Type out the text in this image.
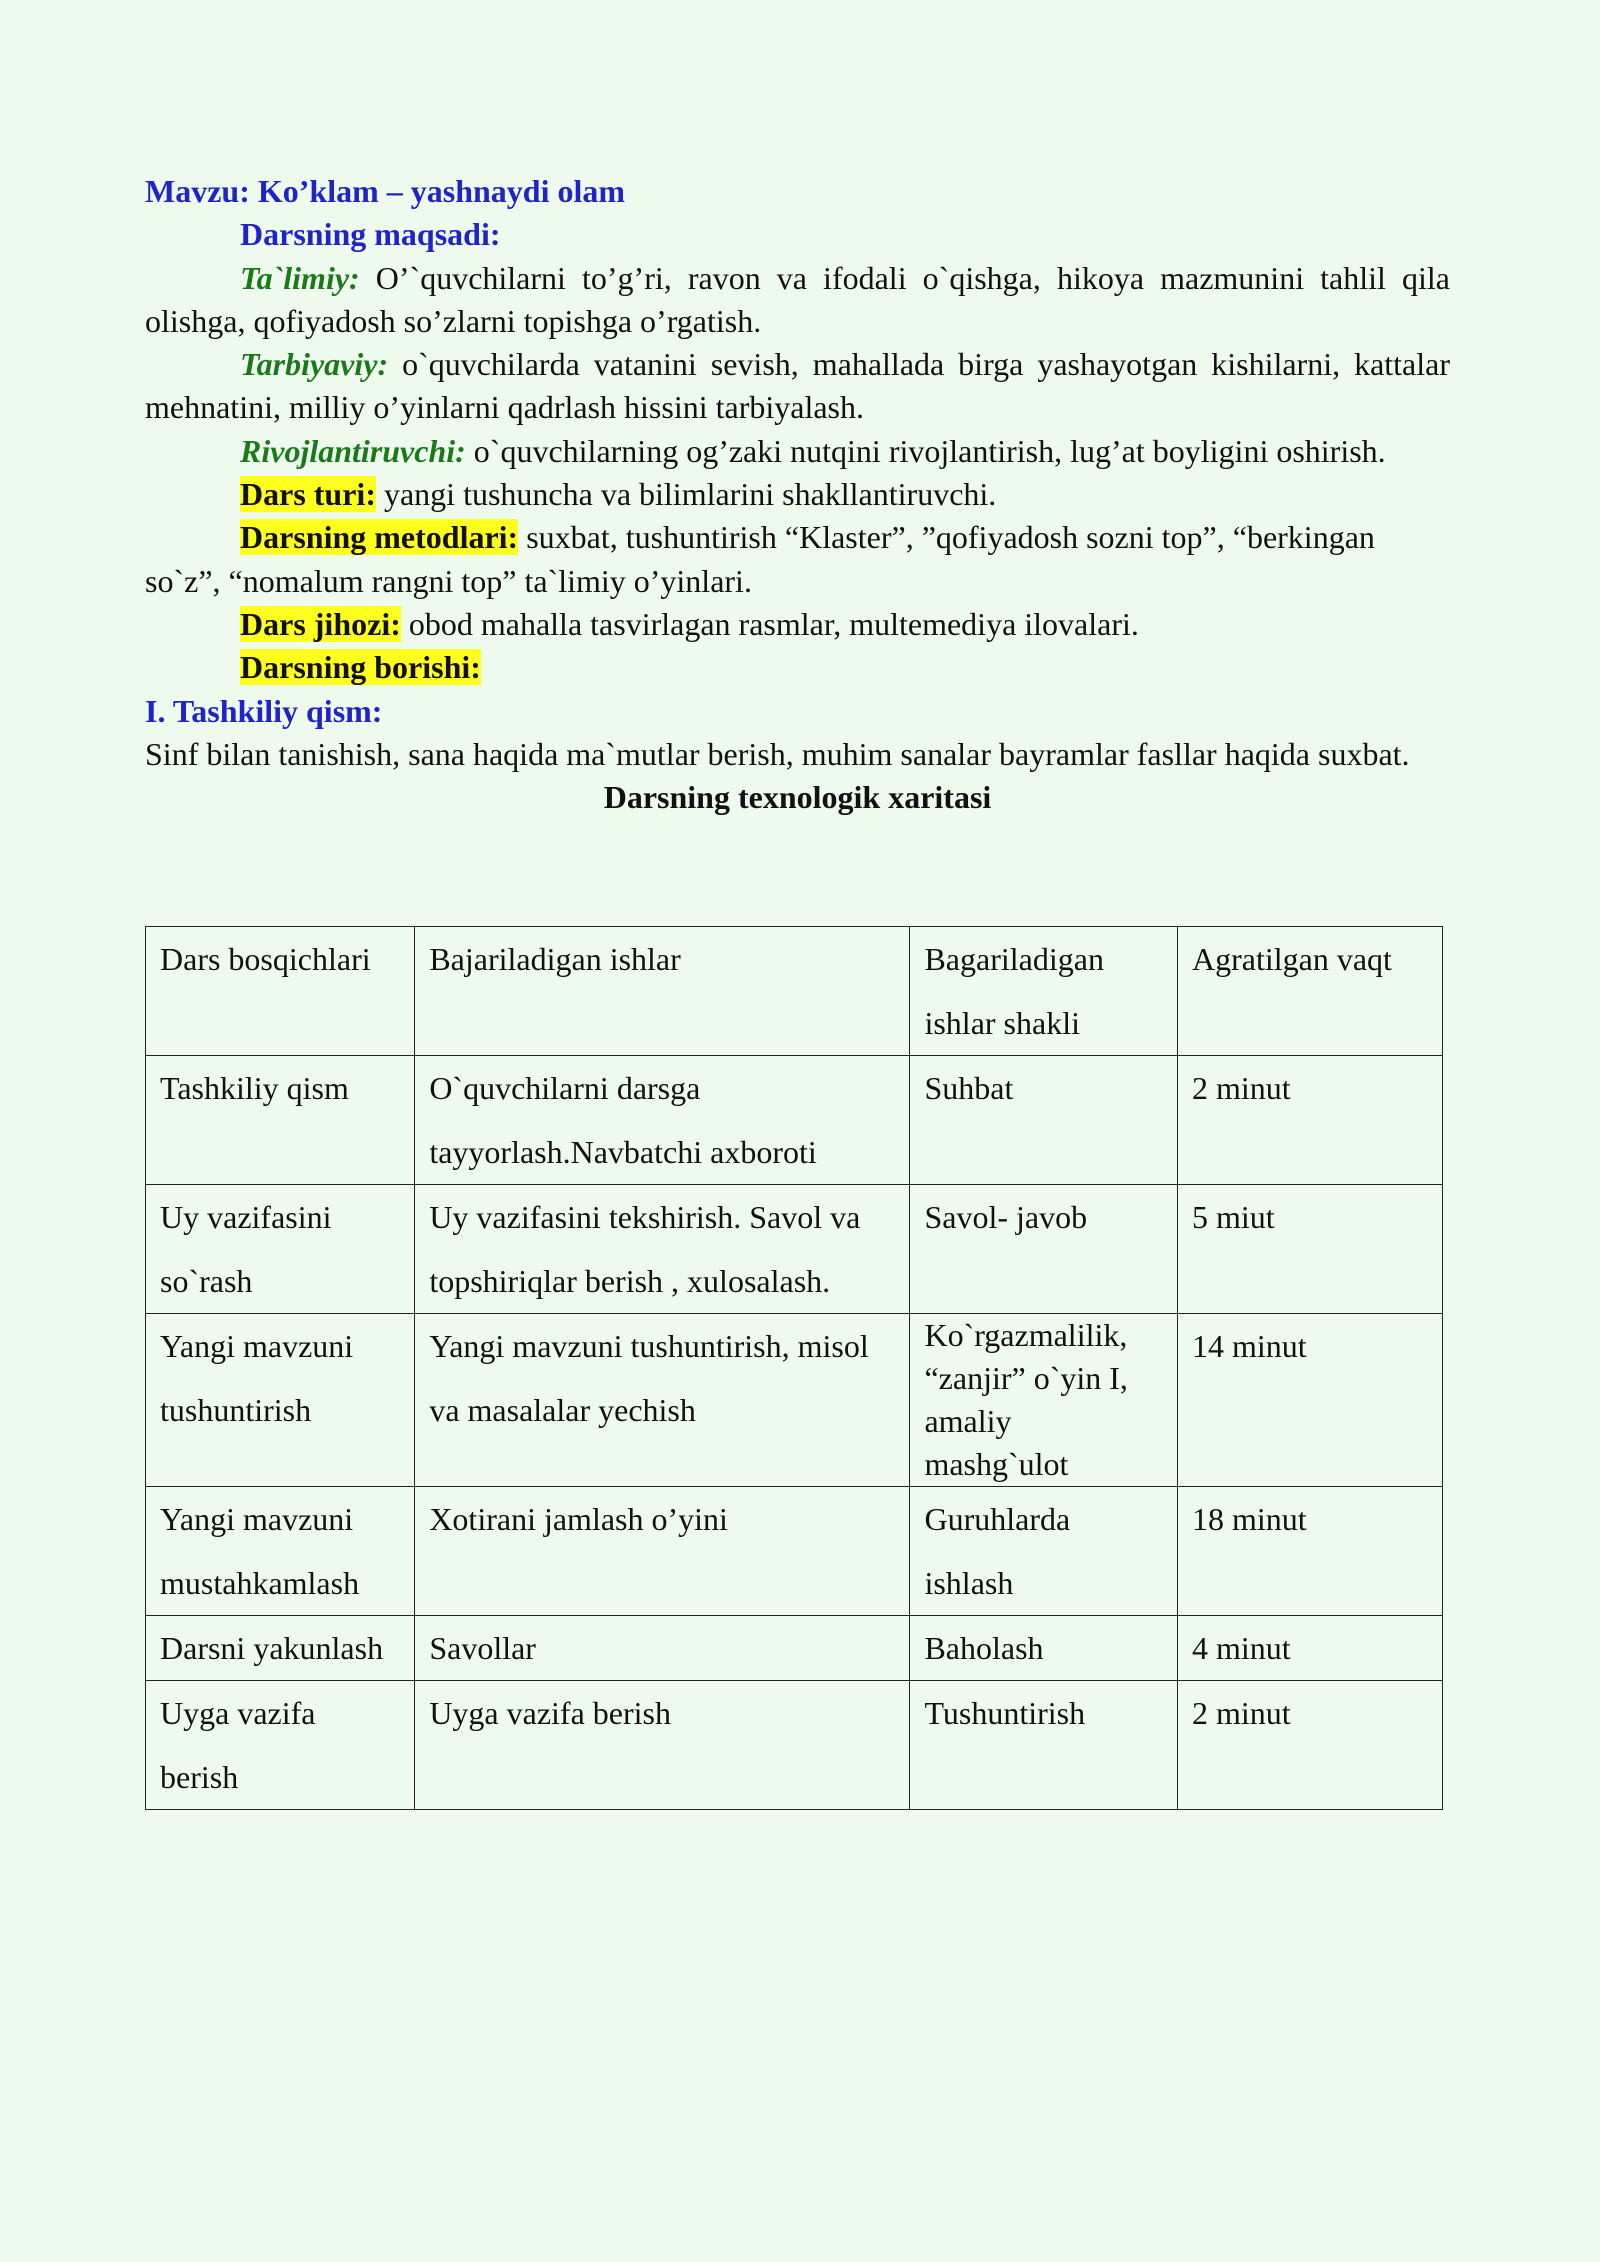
Mavzu: Ko’klam – yashnaydi olam

Darsning maqsadi:

Ta`limiy: O’`quvchilarni to’g’ri, ravon va ifodali o`qishga, hikoya mazmunini tahlil qila olishga, qofiyadosh so’zlarni topishga o’rgatish.

Tarbiyaviy: o`quvchilarda vatanini sevish, mahallada birga yashayotgan kishilarni, kattalar mehnatini, milliy o’yinlarni qadrlash hissini tarbiyalash.

Rivojlantiruvchi: o`quvchilarning og’zaki nutqini rivojlantirish, lug’at boyligini oshirish.

Dars turi: yangi tushuncha va bilimlarini shakllantiruvchi.

Darsning metodlari: suxbat, tushuntirish “Klaster”, ”qofiyadosh sozni top”, “berkingan so`z”, “nomalum rangni top” ta`limiy o’yinlari.

Dars jihozi: obod mahalla tasvirlagan rasmlar, multemediya ilovalari.

Darsning borishi:

I. Tashkiliy qism:

Sinf bilan tanishish, sana haqida ma`mutlar berish, muhim sanalar bayramlar fasllar haqida suxbat.

Darsning texnologik xaritasi

Dars bosqichlari	Bajariladigan ishlar	Bagariladigan ishlar shakli	Agratilgan vaqt
Tashkiliy qism	O`quvchilarni darsga tayyorlash.Navbatchi axboroti	Suhbat	2 minut
Uy vazifasini so`rash	Uy vazifasini tekshirish. Savol va topshiriqlar berish , xulosalash.	Savol- javob	5 miut
Yangi mavzuni tushuntirish	Yangi mavzuni tushuntirish, misol va masalalar yechish	Ko`rgazmalilik, “zanjir” o`yin I, amaliy mashg`ulot	14 minut
Yangi mavzuni mustahkamlash	Xotirani jamlash o’yini	Guruhlarda ishlash	18 minut
Darsni yakunlash	Savollar	Baholash	4 minut
Uyga vazifa berish	Uyga vazifa berish	Tushuntirish	2 minut
